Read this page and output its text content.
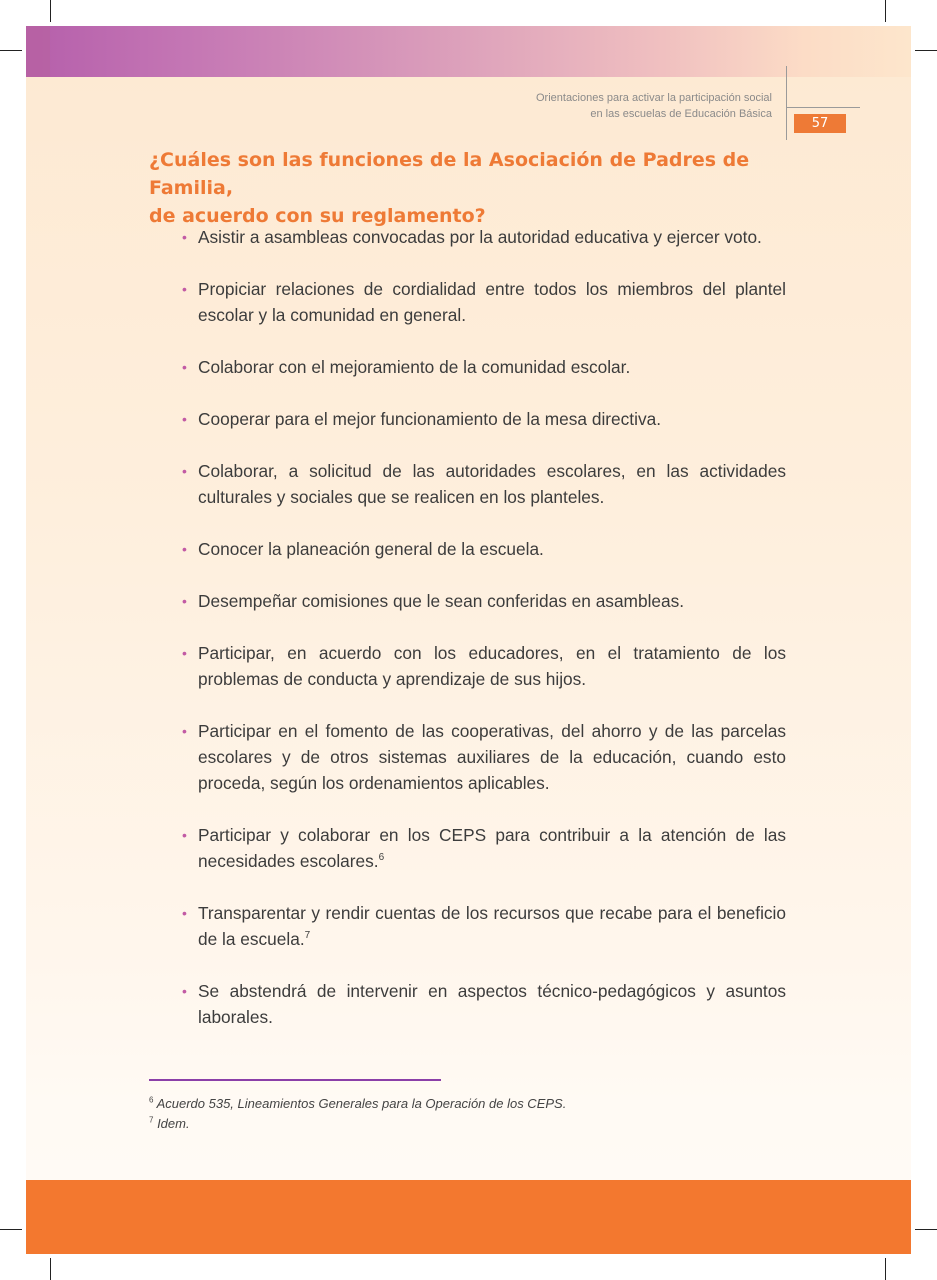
Orientaciones para activar la participación social
en las escuelas de Educación Básica
57
¿Cuáles son las funciones de la Asociación de Padres de Familia,
de acuerdo con su reglamento?
• Asistir a asambleas convocadas por la autoridad educativa y ejercer voto.
• Propiciar relaciones de cordialidad entre todos los miembros del plantel escolar y la comunidad en general.
• Colaborar con el mejoramiento de la comunidad escolar.
• Cooperar para el mejor funcionamiento de la mesa directiva.
• Colaborar, a solicitud de las autoridades escolares, en las actividades culturales y sociales que se realicen en los planteles.
• Conocer la planeación general de la escuela.
• Desempeñar comisiones que le sean conferidas en asambleas.
• Participar, en acuerdo con los educadores, en el tratamiento de los problemas de conducta y aprendizaje de sus hijos.
• Participar en el fomento de las cooperativas, del ahorro y de las parcelas escolares y de otros sistemas auxiliares de la educación, cuando esto proceda, según los ordenamientos aplicables.
• Participar y colaborar en los CEPS para contribuir a la atención de las necesidades escolares.$^6$
• Transparentar y rendir cuentas de los recursos que recabe para el beneficio de la escuela.$^7$
• Se abstendrá de intervenir en aspectos técnico-pedagógicos y asuntos laborales.
$^6$ Acuerdo 535, Lineamientos Generales para la Operación de los CEPS.
$^7$ Idem.
